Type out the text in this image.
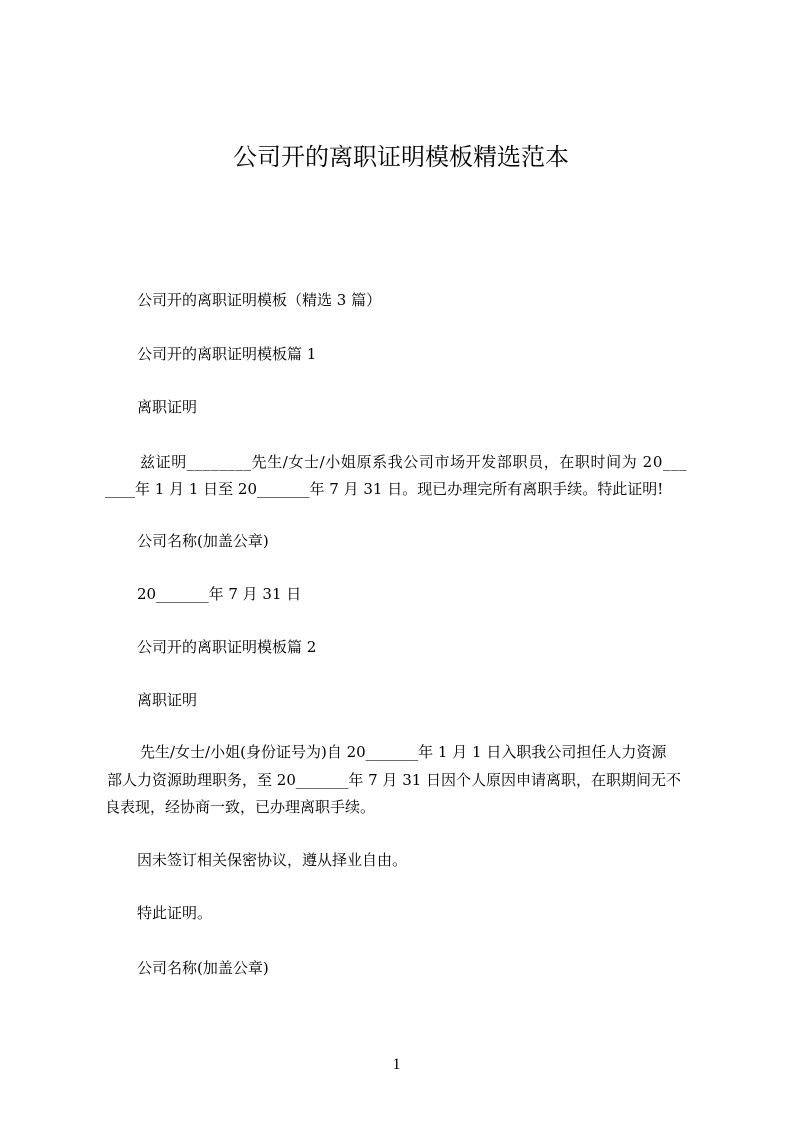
公司开的离职证明模板精选范本
公司开的离职证明模板（精选 3 篇）
公司开的离职证明模板篇 1
离职证明
兹证明________先生/女士/小姐原系我公司市场开发部职员，在职时间为 20___
____年 1 月 1 日至 20_______年 7 月 31 日。现已办理完所有离职手续。特此证明!
公司名称(加盖公章)
20_______年 7 月 31 日
公司开的离职证明模板篇 2
离职证明
先生/女士/小姐(身份证号为)自 20_______年 1 月 1 日入职我公司担任人力资源
部人力资源助理职务，至 20_______年 7 月 31 日因个人原因申请离职，在职期间无不
良表现，经协商一致，已办理离职手续。
因未签订相关保密协议，遵从择业自由。
特此证明。
公司名称(加盖公章)
1
